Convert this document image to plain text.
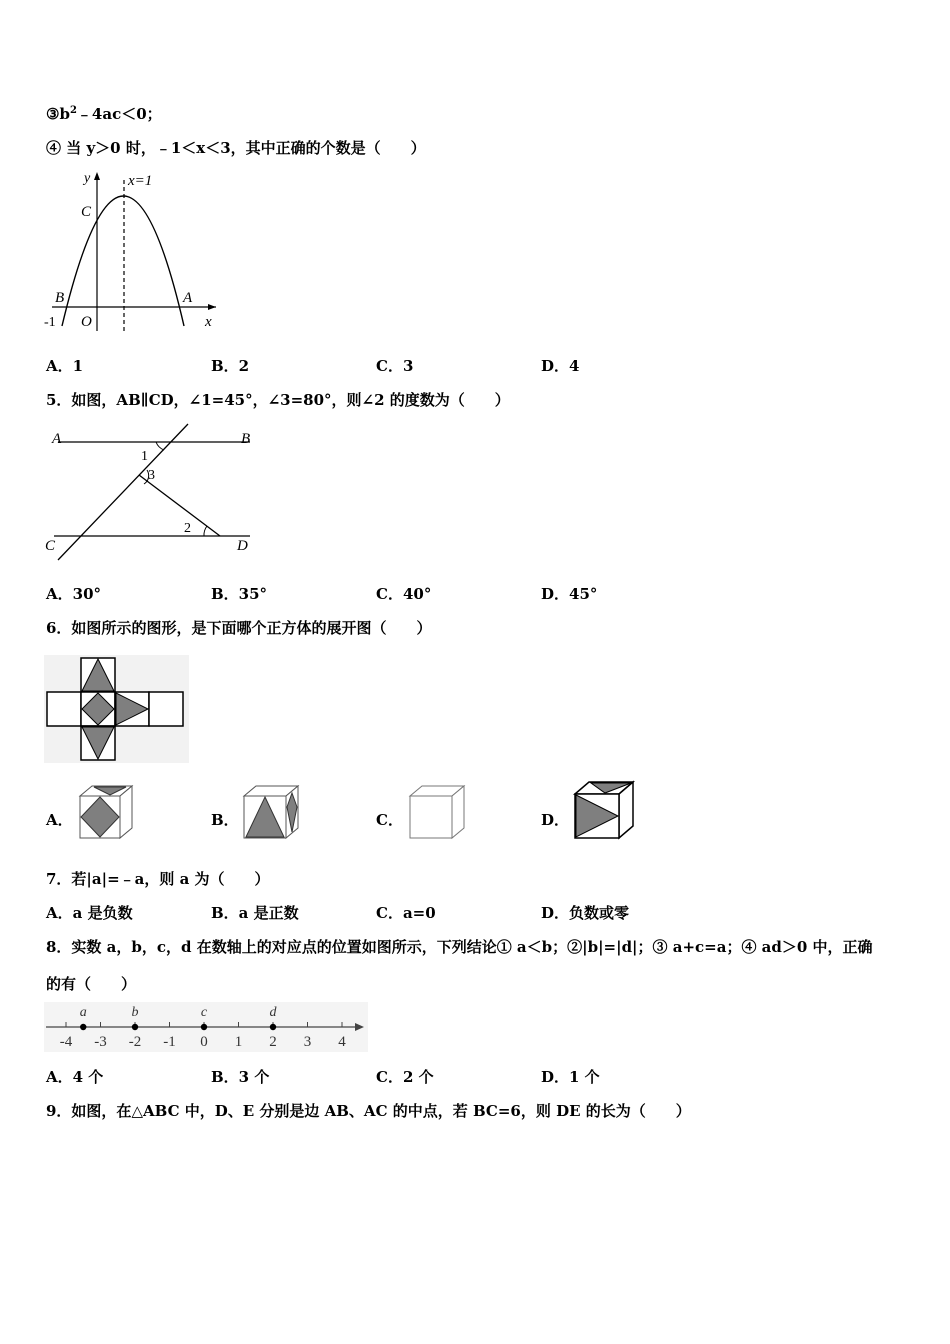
$③b^2﹣4ac<0$；
④ 当 y＞0 时，﹣1＜x＜3，其中正确的个数是（　　）
y	x=1
C
B	A
-1 O	x
A．1	B．2	C．3	D．4
5．如图，AB∥CD，∠1=45°，∠3=80°，则∠2 的度数为（　　）
A	B
C	D
1
3
2
A．30°	B．35°	C．40°	D．45°
6．如图所示的图形，是下面哪个正方体的展开图（　　）
A．	B．	C．	D．
7．若|a|=﹣a，则 a 为（　　）
A．a 是负数	B．a 是正数	C．a=0	D．负数或零
8．实数 a，b，c，d 在数轴上的对应点的位置如图所示，下列结论① a＜b；②|b|=|d|；③ a+c=a；④ ad＞0 中，正确
的有（　　）
-4 -3 -2 -1 0 1 2 3 4
a	b	c	d
A．4 个	B．3 个	C．2 个	D．1 个
9．如图，在△ABC 中，D、E 分别是边 AB、AC 的中点，若 BC=6，则 DE 的长为（　　）
